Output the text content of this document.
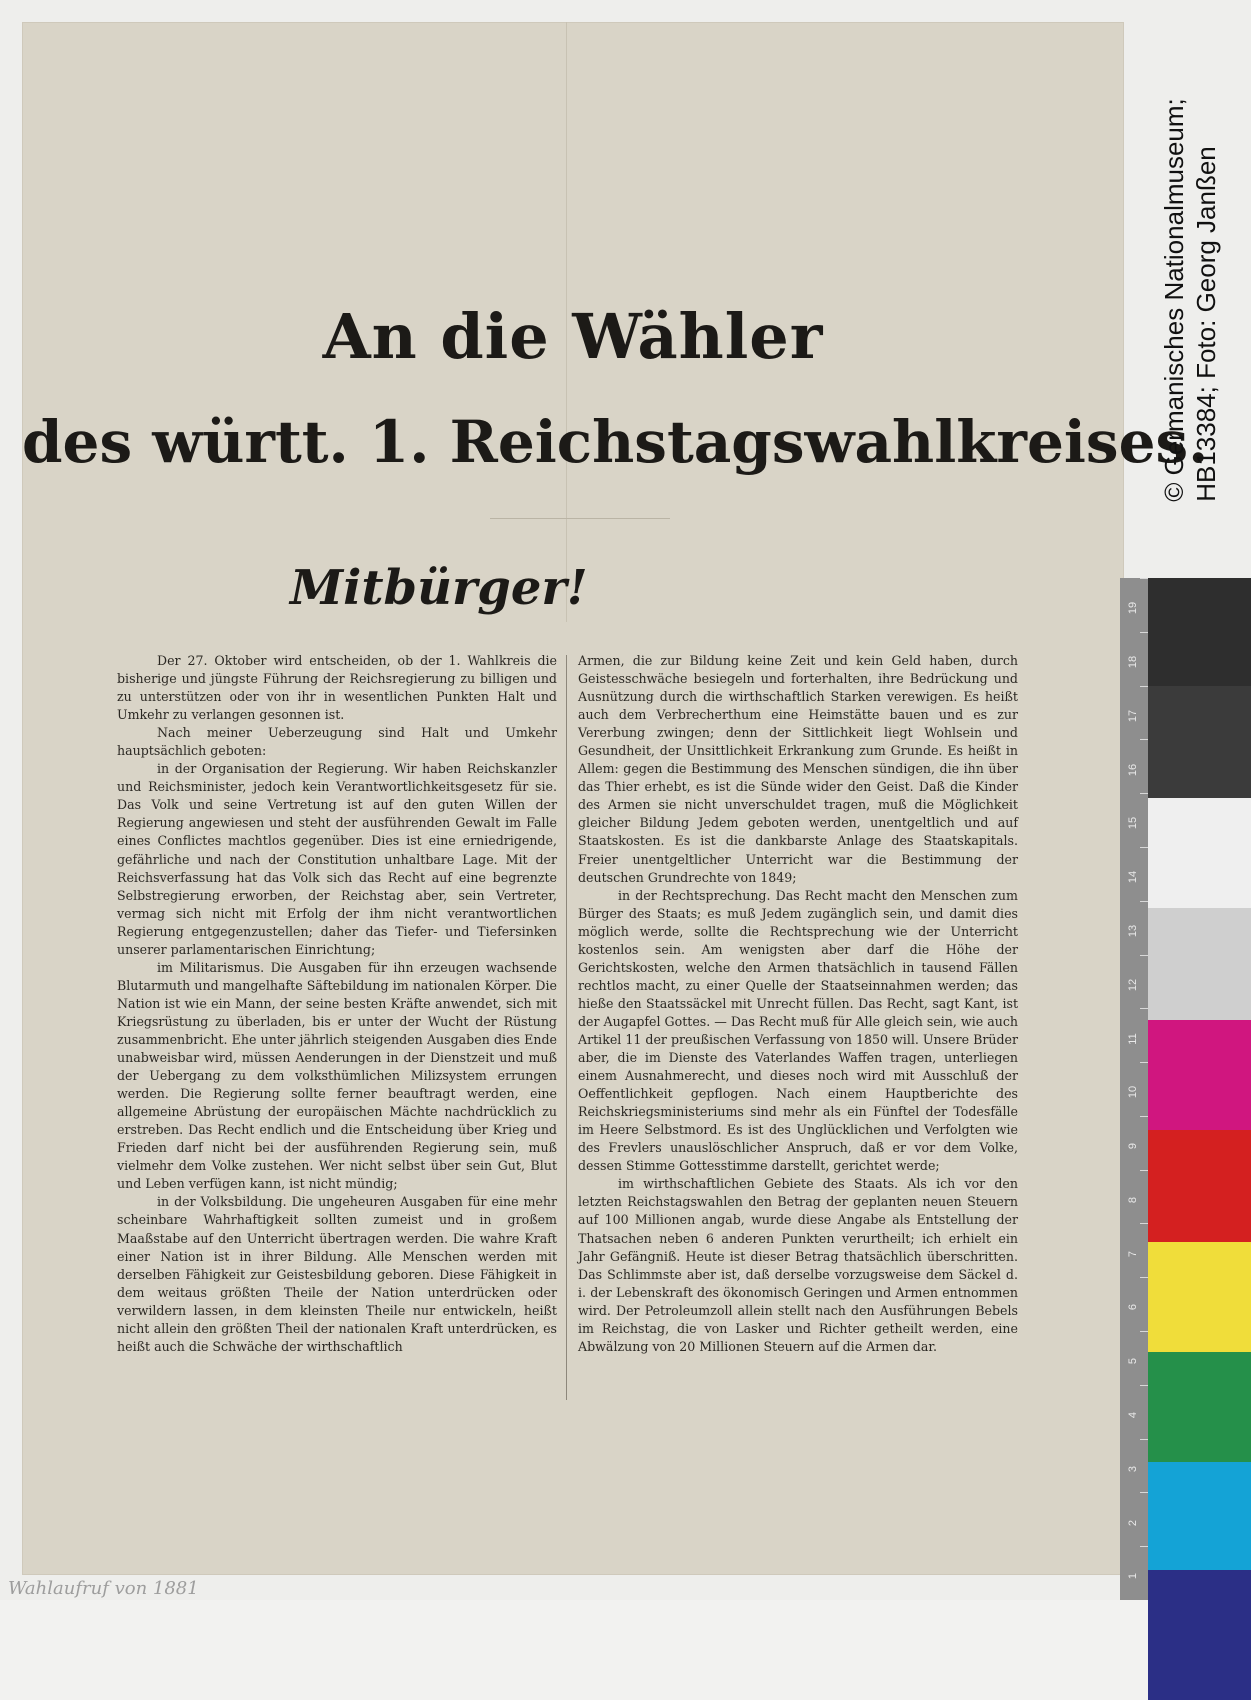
An die Wähler
des württ. 1. Reichstagswahlkreises.
Mitbürger!

Der 27. Oktober wird entscheiden, ob der 1. Wahlkreis die bisherige und jüngste Führung der Reichsregierung zu billigen und zu unterstützen oder von ihr in wesentlichen Punkten Halt und Umkehr zu verlangen gesonnen ist.

Nach meiner Ueberzeugung sind Halt und Umkehr hauptsächlich geboten:

in der Organisation der Regierung. Wir haben Reichskanzler und Reichsminister, jedoch kein Verantwortlichkeitsgesetz für sie. Das Volk und seine Vertretung ist auf den guten Willen der Regierung angewiesen und steht der ausführenden Gewalt im Falle eines Conflictes machtlos gegenüber. Dies ist eine erniedrigende, gefährliche und nach der Constitution unhaltbare Lage. Mit der Reichsverfassung hat das Volk sich das Recht auf eine begrenzte Selbstregierung erworben, der Reichstag aber, sein Vertreter, vermag sich nicht mit Erfolg der ihm nicht verantwortlichen Regierung entgegenzustellen; daher das Tiefer- und Tiefersinken unserer parlamentarischen Einrichtung;

im Militarismus. Die Ausgaben für ihn erzeugen wachsende Blutarmuth und mangelhafte Säftebildung im nationalen Körper. Die Nation ist wie ein Mann, der seine besten Kräfte anwendet, sich mit Kriegsrüstung zu überladen, bis er unter der Wucht der Rüstung zusammenbricht. Ehe unter jährlich steigenden Ausgaben dies Ende unabweisbar wird, müssen Aenderungen in der Dienstzeit und muß der Uebergang zu dem volksthümlichen Milizsystem errungen werden. Die Regierung sollte ferner beauftragt werden, eine allgemeine Abrüstung der europäischen Mächte nachdrücklich zu erstreben. Das Recht endlich und die Entscheidung über Krieg und Frieden darf nicht bei der ausführenden Regierung sein, muß vielmehr dem Volke zustehen. Wer nicht selbst über sein Gut, Blut und Leben verfügen kann, ist nicht mündig;

in der Volksbildung. Die ungeheuren Ausgaben für eine mehr scheinbare Wahrhaftigkeit sollten zumeist und in großem Maaßstabe auf den Unterricht übertragen werden. Die wahre Kraft einer Nation ist in ihrer Bildung. Alle Menschen werden mit derselben Fähigkeit zur Geistesbildung geboren. Diese Fähigkeit in dem weitaus größten Theile der Nation unterdrücken oder verwildern lassen, in dem kleinsten Theile nur entwickeln, heißt nicht allein den größten Theil der nationalen Kraft unterdrücken, es heißt auch die Schwäche der wirthschaftlich

Armen, die zur Bildung keine Zeit und kein Geld haben, durch Geistesschwäche besiegeln und forterhalten, ihre Bedrückung und Ausnützung durch die wirthschaftlich Starken verewigen. Es heißt auch dem Verbrecherthum eine Heimstätte bauen und es zur Vererbung zwingen; denn der Sittlichkeit liegt Wohlsein und Gesundheit, der Unsittlichkeit Erkrankung zum Grunde. Es heißt in Allem: gegen die Bestimmung des Menschen sündigen, die ihn über das Thier erhebt, es ist die Sünde wider den Geist. Daß die Kinder des Armen sie nicht unverschuldet tragen, muß die Möglichkeit gleicher Bildung Jedem geboten werden, unentgeltlich und auf Staatskosten. Es ist die dankbarste Anlage des Staatskapitals. Freier unentgeltlicher Unterricht war die Bestimmung der deutschen Grundrechte von 1849;

in der Rechtsprechung. Das Recht macht den Menschen zum Bürger des Staats; es muß Jedem zugänglich sein, und damit dies möglich werde, sollte die Rechtsprechung wie der Unterricht kostenlos sein. Am wenigsten aber darf die Höhe der Gerichtskosten, welche den Armen thatsächlich in tausend Fällen rechtlos macht, zu einer Quelle der Staatseinnahmen werden; das hieße den Staatssäckel mit Unrecht füllen. Das Recht, sagt Kant, ist der Augapfel Gottes. — Das Recht muß für Alle gleich sein, wie auch Artikel 11 der preußischen Verfassung von 1850 will. Unsere Brüder aber, die im Dienste des Vaterlandes Waffen tragen, unterliegen einem Ausnahmerecht, und dieses noch wird mit Ausschluß der Oeffentlichkeit gepflogen. Nach einem Hauptberichte des Reichskriegsministeriums sind mehr als ein Fünftel der Todesfälle im Heere Selbstmord. Es ist des Unglücklichen und Verfolgten wie des Frevlers unauslöschlicher Anspruch, daß er vor dem Volke, dessen Stimme Gottesstimme darstellt, gerichtet werde;

im wirthschaftlichen Gebiete des Staats. Als ich vor den letzten Reichstagswahlen den Betrag der geplanten neuen Steuern auf 100 Millionen angab, wurde diese Angabe als Entstellung der Thatsachen neben 6 anderen Punkten verurtheilt; ich erhielt ein Jahr Gefängniß. Heute ist dieser Betrag thatsächlich überschritten. Das Schlimmste aber ist, daß derselbe vorzugsweise dem Säckel d. i. der Lebenskraft des ökonomisch Geringen und Armen entnommen wird. Der Petroleumzoll allein stellt nach den Ausführungen Bebels im Reichstag, die von Lasker und Richter getheilt werden, eine Abwälzung von 20 Millionen Steuern auf die Armen dar.

© Germanisches Nationalmuseum; HB13384; Foto: Georg Janßen
19
18
17
16
15
14
13
12
11
10
9
8
7
6
5
4
3
2
1
Wahlaufruf von 1881
